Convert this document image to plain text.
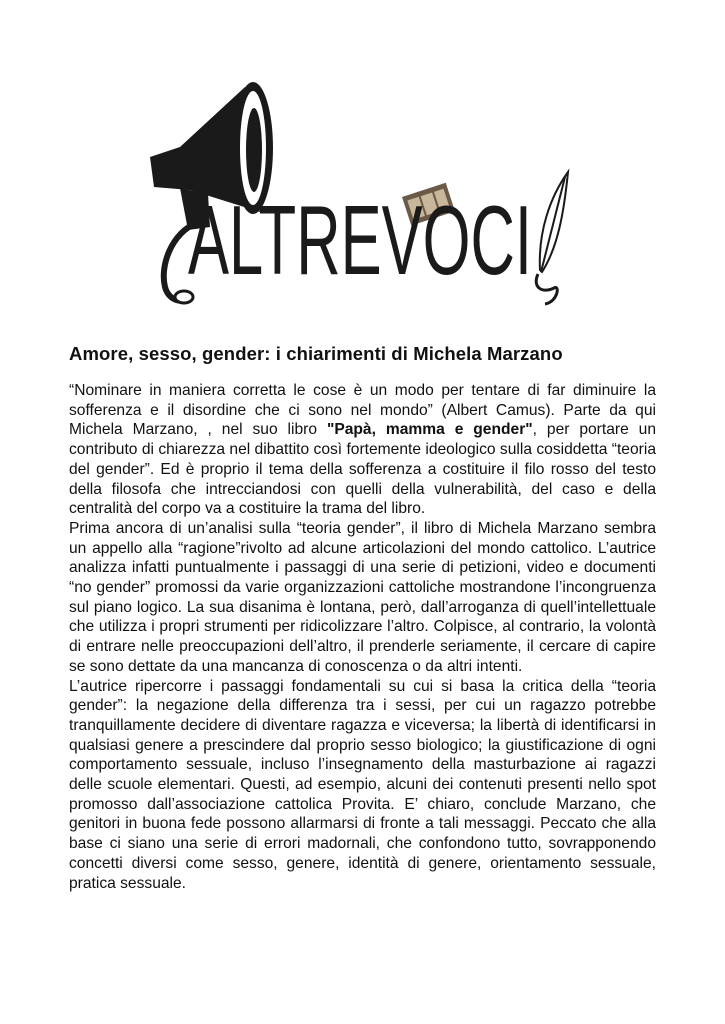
ALTREVOCI
Amore, sesso, gender: i chiarimenti di Michela Marzano

“Nominare in maniera corretta le cose è un modo per tentare di far diminuire la sofferenza e il disordine che ci sono nel mondo” (Albert Camus). Parte da qui Michela Marzano, , nel suo libro "Papà, mamma e gender", per portare un contributo di chiarezza nel dibattito così fortemente ideologico sulla cosiddetta “teoria del gender”. Ed è proprio il tema della sofferenza a costituire il filo rosso del testo della filosofa che intrecciandosi con quelli della vulnerabilità, del caso e della centralità del corpo va a costituire la trama del libro.

Prima ancora di un’analisi sulla “teoria gender”, il libro di Michela Marzano sembra un appello alla “ragione”rivolto ad alcune articolazioni del mondo cattolico. L’autrice analizza infatti puntualmente i passaggi di una serie di petizioni, video e documenti “no gender” promossi da varie organizzazioni cattoliche mostrandone l’incongruenza sul piano logico. La sua disanima è lontana, però, dall’arroganza di quell’intellettuale che utilizza i propri strumenti per ridicolizzare l’altro. Colpisce, al contrario, la volontà di entrare nelle preoccupazioni dell’altro, il prenderle seriamente, il cercare di capire se sono dettate da una mancanza di conoscenza o da altri intenti.

L’autrice ripercorre i passaggi fondamentali su cui si basa la critica della “teoria gender”: la negazione della differenza tra i sessi, per cui un ragazzo potrebbe tranquillamente decidere di diventare ragazza e viceversa; la libertà di identificarsi in qualsiasi genere a prescindere dal proprio sesso biologico; la giustificazione di ogni comportamento sessuale, incluso l’insegnamento della masturbazione ai ragazzi delle scuole elementari. Questi, ad esempio, alcuni dei contenuti presenti nello spot promosso dall’associazione cattolica Provita. E’ chiaro, conclude Marzano, che genitori in buona fede possono allarmarsi di fronte a tali messaggi. Peccato che alla base ci siano una serie di errori madornali, che confondono tutto, sovrapponendo concetti diversi come sesso, genere, identità di genere, orientamento sessuale, pratica sessuale.
